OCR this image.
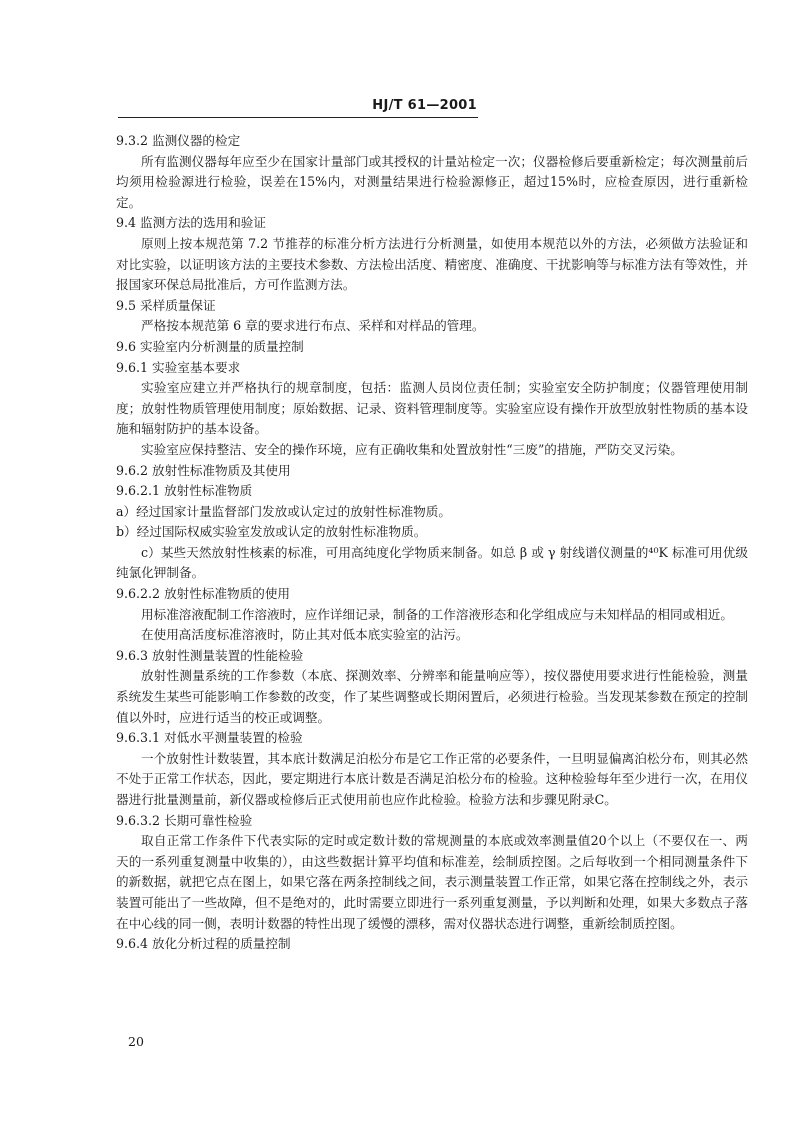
HJ/T 61—2001

9.3.2 监测仪器的检定

所有监测仪器每年应至少在国家计量部门或其授权的计量站检定一次；仪器检修后要重新检定；每次测量前后均须用检验源进行检验，误差在15%内，对测量结果进行检验源修正，超过15%时，应检查原因，进行重新检定。

9.4 监测方法的选用和验证

原则上按本规范第 7.2 节推荐的标准分析方法进行分析测量，如使用本规范以外的方法，必须做方法验证和对比实验，以证明该方法的主要技术参数、方法检出活度、精密度、准确度、干扰影响等与标准方法有等效性，并报国家环保总局批准后，方可作监测方法。

9.5 采样质量保证

严格按本规范第 6 章的要求进行布点、采样和对样品的管理。

9.6 实验室内分析测量的质量控制

9.6.1 实验室基本要求

实验室应建立并严格执行的规章制度，包括：监测人员岗位责任制；实验室安全防护制度；仪器管理使用制度；放射性物质管理使用制度；原始数据、记录、资料管理制度等。实验室应设有操作开放型放射性物质的基本设施和辐射防护的基本设备。

实验室应保持整洁、安全的操作环境，应有正确收集和处置放射性“三废”的措施，严防交叉污染。

9.6.2 放射性标准物质及其使用

9.6.2.1 放射性标准物质

a）经过国家计量监督部门发放或认定过的放射性标准物质。

b）经过国际权威实验室发放或认定的放射性标准物质。

c）某些天然放射性核素的标准，可用高纯度化学物质来制备。如总 β 或 γ 射线谱仪测量的⁴⁰K 标准可用优级纯氯化钾制备。

9.6.2.2 放射性标准物质的使用

用标准溶液配制工作溶液时，应作详细记录，制备的工作溶液形态和化学组成应与未知样品的相同或相近。

在使用高活度标准溶液时，防止其对低本底实验室的沾污。

9.6.3 放射性测量装置的性能检验

放射性测量系统的工作参数（本底、探测效率、分辨率和能量响应等），按仪器使用要求进行性能检验，测量系统发生某些可能影响工作参数的改变，作了某些调整或长期闲置后，必须进行检验。当发现某参数在预定的控制值以外时，应进行适当的校正或调整。

9.6.3.1 对低水平测量装置的检验

一个放射性计数装置，其本底计数满足泊松分布是它工作正常的必要条件，一旦明显偏离泊松分布，则其必然不处于正常工作状态，因此，要定期进行本底计数是否满足泊松分布的检验。这种检验每年至少进行一次，在用仪器进行批量测量前，新仪器或检修后正式使用前也应作此检验。检验方法和步骤见附录C。

9.6.3.2 长期可靠性检验

取自正常工作条件下代表实际的定时或定数计数的常规测量的本底或效率测量值20个以上（不要仅在一、两天的一系列重复测量中收集的），由这些数据计算平均值和标准差，绘制质控图。之后每收到一个相同测量条件下的新数据，就把它点在图上，如果它落在两条控制线之间，表示测量装置工作正常，如果它落在控制线之外，表示装置可能出了一些故障，但不是绝对的，此时需要立即进行一系列重复测量，予以判断和处理，如果大多数点子落在中心线的同一侧，表明计数器的特性出现了缓慢的漂移，需对仪器状态进行调整，重新绘制质控图。

9.6.4 放化分析过程的质量控制

20
